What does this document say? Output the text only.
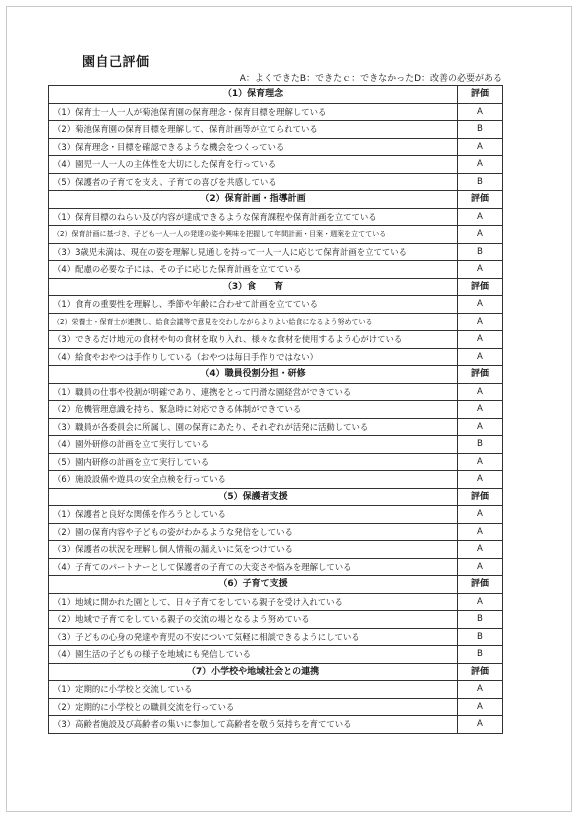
園自己評価
A：よくできたB：できたｃ：できなかったD：改善の必要がある
（1）保育理念	評価
（1）保育士一人一人が菊池保育園の保育理念・保育目標を理解している	A
（2）菊池保育園の保育目標を理解して、保育計画等が立てられている	B
（3）保育理念・目標を確認できるような機会をつくっている	A
（4）園児一人一人の主体性を大切にした保育を行っている	A
（5）保護者の子育てを支え、子育ての喜びを共感している	B
（2）保育計画・指導計画	評価
（1）保育目標のねらい及び内容が達成できるような保育課程や保育計画を立てている	A
（2）保育計画に基づき、子ども一人一人の発達の姿や興味を把握して年間計画・目案・週案を立てている	A
（3）3歳児未満は、現在の姿を理解し見通しを持って一人一人に応じて保育計画を立てている	B
（4）配慮の必要な子には、その子に応じた保育計画を立てている	A
（3）食　　育	評価
（1）食育の重要性を理解し、季節や年齢に合わせて計画を立てている	A
（2）栄養士・保育士が連携し、給食会議等で意見を交わしながらよりよい給食になるよう努めている	A
（3）できるだけ地元の食材や旬の食材を取り入れ、様々な食材を使用するよう心がけている	A
（4）給食やおやつは手作りしている（おやつは毎日手作りではない）	A
（4）職員役割分担・研修	評価
（1）職員の仕事や役割が明確であり、連携をとって円滑な園経営ができている	A
（2）危機管理意識を持ち、緊急時に対応できる体制ができている	A
（3）職員が各委員会に所属し、園の保育にあたり、それぞれが活発に活動している	A
（4）園外研修の計画を立て実行している	B
（5）園内研修の計画を立て実行している	A
（6）施設設備や遊具の安全点検を行っている	A
（5）保護者支援	評価
（1）保護者と良好な関係を作ろうとしている	A
（2）園の保育内容や子どもの姿がわかるような発信をしている	A
（3）保護者の状況を理解し個人情報の漏えいに気をつけている	A
（4）子育てのパートナーとして保護者の子育ての大変さや悩みを理解している	A
（6）子育て支援	評価
（1）地域に開かれた園として、日々子育てをしている親子を受け入れている	A
（2）地域で子育てをしている親子の交流の場となるよう努めている	B
（3）子どもの心身の発達や育児の不安について気軽に相談できるようにしている	B
（4）園生活の子どもの様子を地域にも発信している	B
（7）小学校や地域社会との連携	評価
（1）定期的に小学校と交流している	A
（2）定期的に小学校との職員交流を行っている	A
（3）高齢者施設及び高齢者の集いに参加して高齢者を敬う気持ちを育てている	A
